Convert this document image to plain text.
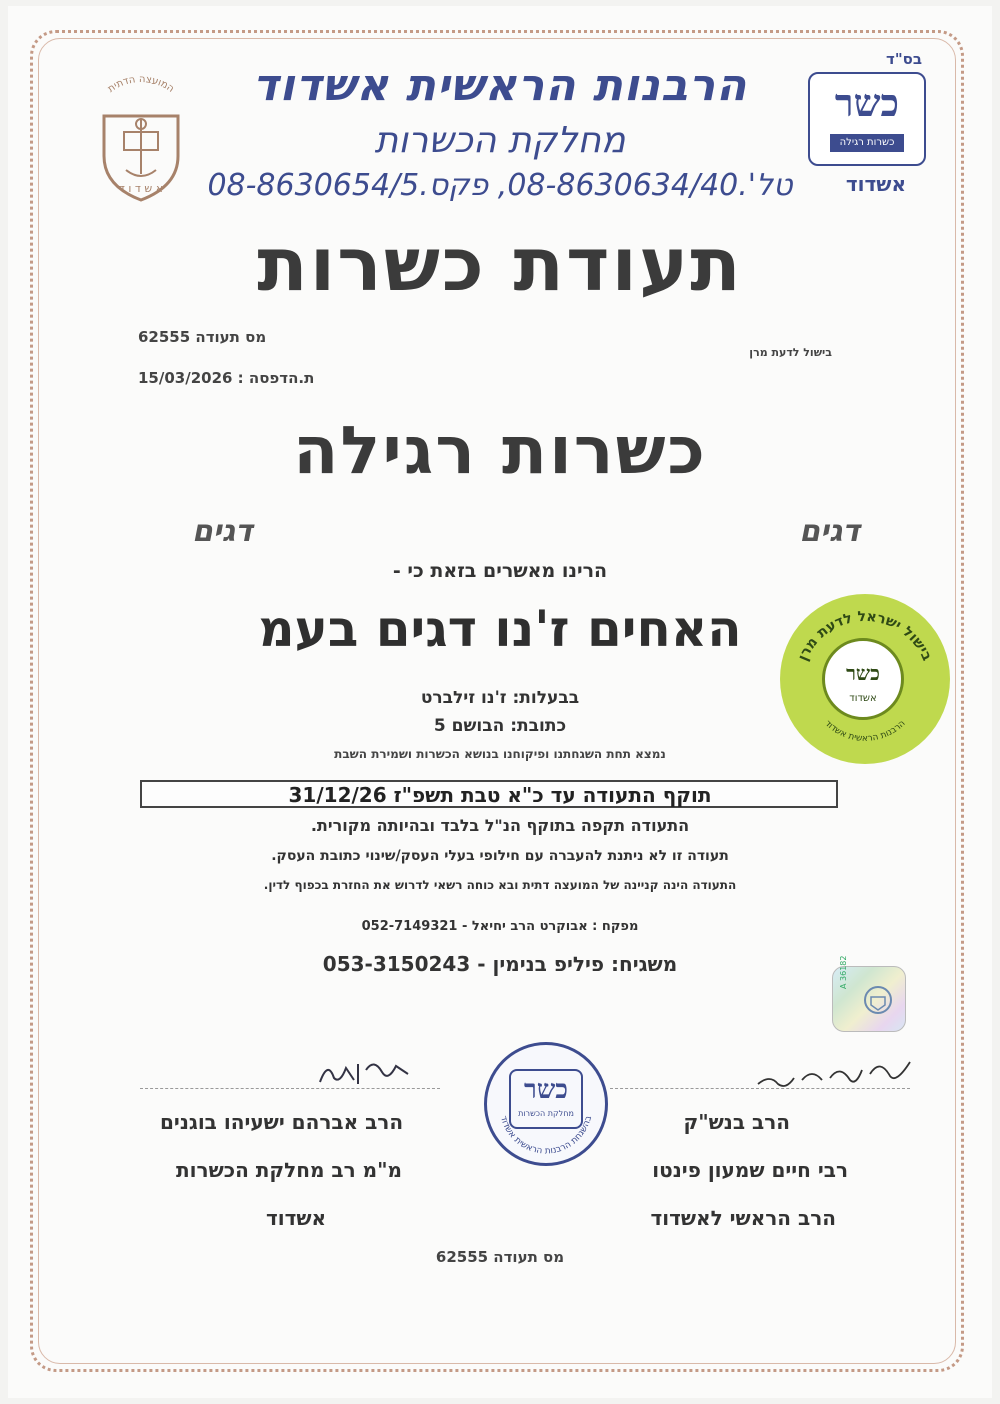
המועצה הדתית
א ש ד ו ד
בס"ד
כשר
כשרות רגילה
אשדוד
הרבנות הראשית אשדוד
מחלקת הכשרות
טל'.08-8630634/40, פקס.08-8630654/5
תעודת כשרות
מס תעודה 62555
ת.הדפסה : 15/03/2026
בישול לדעת מרן
כשרות רגילה
דגים	דגים
הרינו מאשרים בזאת כי -
האחים ז'נו דגים בעמ
בבעלות: ז'נו זילברט
כתובת: הבושם 5
נמצא תחת השגחתנו ופיקוחנו בנושא הכשרות ושמירת השבת
תוקף התעודה עד כ"א טבת תשפ"ז 31/12/26
התעודה תקפה בתוקף הנ"ל בלבד ובהיותה מקורית.
תעודה זו לא ניתנת להעברה עם חילופי בעלי העסק/שינוי כתובת העסק.
התעודה הינה קניינה של המועצה דתית ובא כוחה רשאי לדרוש את החזרת בכפוף לדין.
מפקח : אבוקרט הרב יחיאל - 052-7149321
משגיח: פיליפ בנימין - 053-3150243
בישול ישראל לדעת מרן
הרבנות הראשית אשדוד
כשר
אשדוד
A 36182
בהשגחת הרבנות הראשית אשדוד
כשר
מחלקת הכשרות	הרב בנש"ק
רבי חיים שמעון פינטו
הרב הראשי לאשדוד
הרב אברהם ישעיהו בוגנים
מ"מ רב מחלקת הכשרות
אשדוד
מס תעודה 62555
